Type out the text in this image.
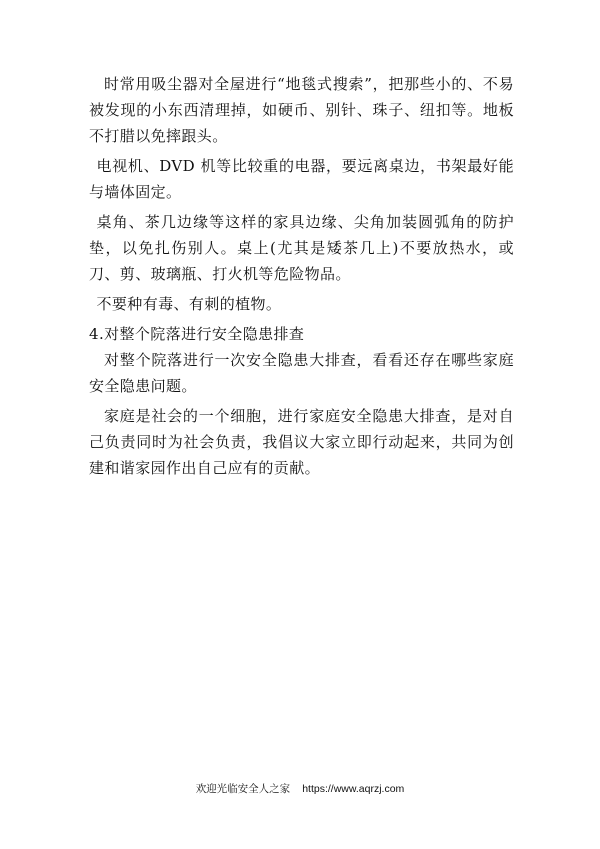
时常用吸尘器对全屋进行“地毯式搜索”，把那些小的、不易被发现的小东西清理掉，如硬币、别针、珠子、纽扣等。地板不打腊以免摔跟头。

电视机、DVD 机等比较重的电器，要远离桌边，书架最好能与墙体固定。

桌角、茶几边缘等这样的家具边缘、尖角加装圆弧角的防护垫，以免扎伤别人。桌上(尤其是矮茶几上)不要放热水，或刀、剪、玻璃瓶、打火机等危险物品。

不要种有毒、有刺的植物。

4.对整个院落进行安全隐患排查

对整个院落进行一次安全隐患大排查，看看还存在哪些家庭安全隐患问题。

家庭是社会的一个细胞，进行家庭安全隐患大排查，是对自己负责同时为社会负责，我倡议大家立即行动起来，共同为创建和谐家园作出自己应有的贡献。

欢迎光临安全人之家 https://www.aqrzj.com
